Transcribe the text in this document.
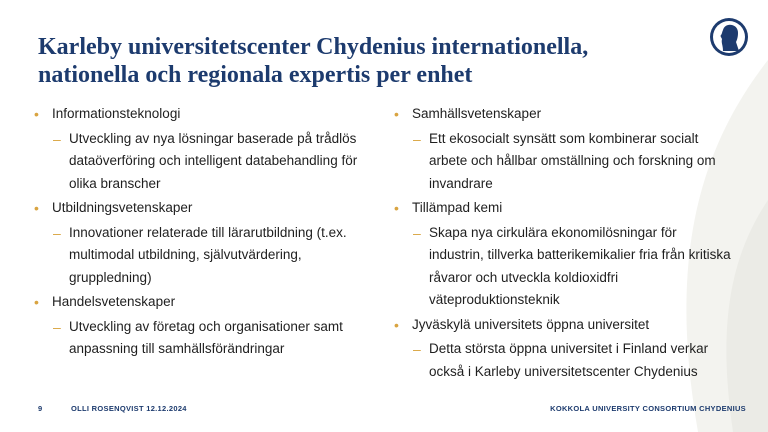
Karleby universitetscenter Chydenius internationella,
nationella och regionala expertis per enhet
• Informationsteknologi
– Utveckling av nya lösningar baserade på trådlös dataöverföring och intelligent databehandling för olika branscher
• Utbildningsvetenskaper
– Innovationer relaterade till lärarutbildning (t.ex. multimodal utbildning, självutvärdering, gruppledning)
• Handelsvetenskaper
– Utveckling av företag och organisationer samt anpassning till samhällsförändringar
• Samhällsvetenskaper
– Ett ekosocialt synsätt som kombinerar socialt arbete och hållbar omställning och forskning om invandrare
• Tillämpad kemi
– Skapa nya cirkulära ekonomilösningar för industrin, tillverka batterikemikalier fria från kritiska råvaror och utveckla koldioxidfri väteproduktionsteknik
• Jyväskylä universitets öppna universitet
– Detta största öppna universitet i Finland verkar också i Karleby universitetscenter Chydenius
9	OLLI ROSENQVIST 12.12.2024	KOKKOLA UNIVERSITY CONSORTIUM CHYDENIUS
